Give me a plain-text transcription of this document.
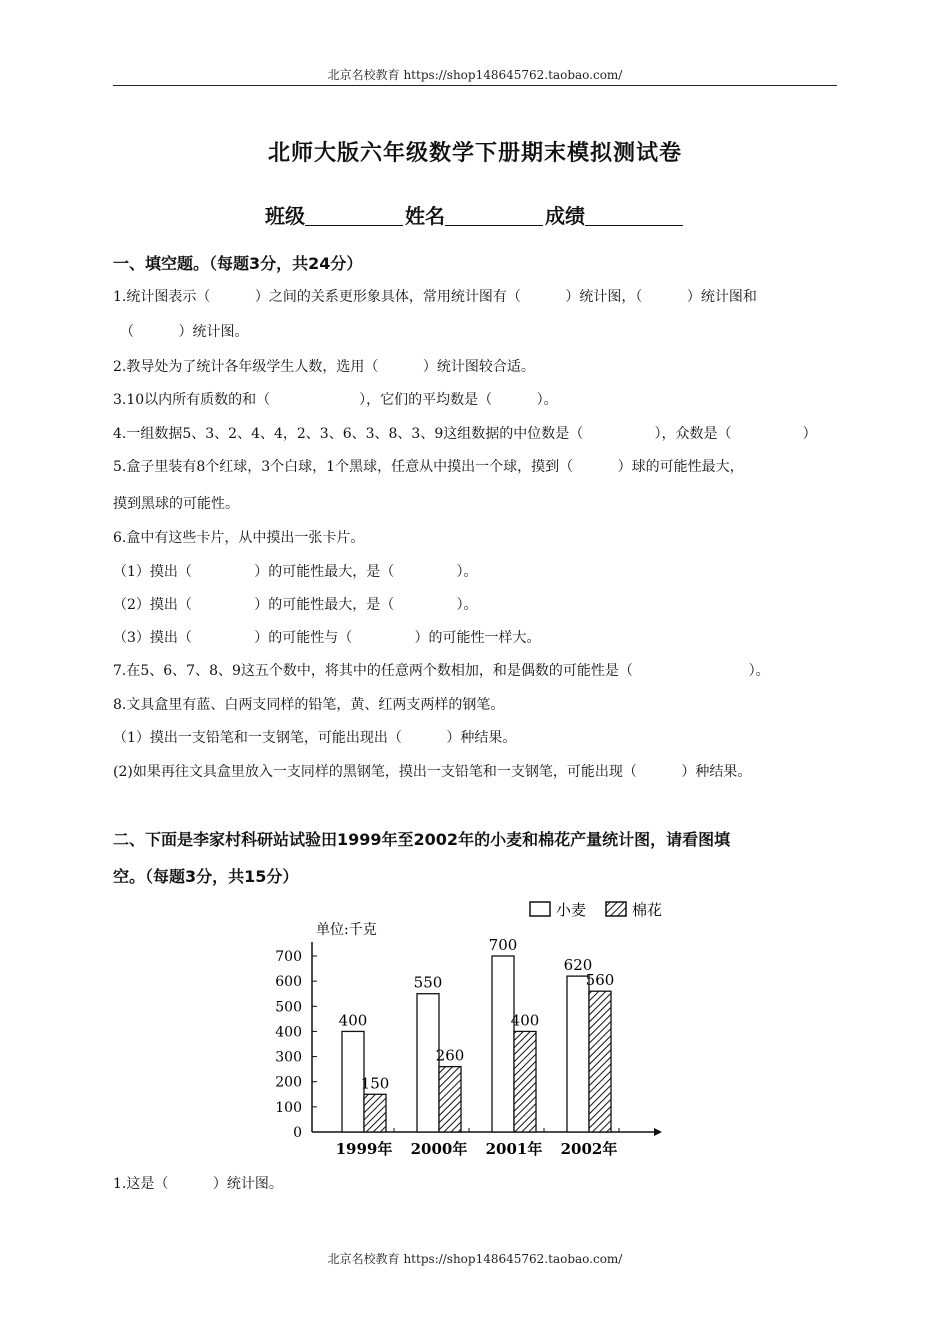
北京名校教育 https://shop148645762.taobao.com/
北师大版六年级数学下册期末模拟测试卷
班级	姓名	成绩
一、填空题。（每题3分，共24分）
1.统计图表示（          ）之间的关系更形象具体，常用统计图有（          ）统计图，（          ）统计图和
（          ）统计图。
2.教导处为了统计各年级学生人数，选用（          ）统计图较合适。
3.10以内所有质数的和（                    ），它们的平均数是（          ）。
4.一组数据5、3、2、4、4，2、3、6、3、8、3、9这组数据的中位数是（                ），众数是（                ）
5.盒子里装有8个红球，3个白球，1个黑球，任意从中摸出一个球，摸到（          ）球的可能性最大，
摸到黑球的可能性。
6.盒中有这些卡片，从中摸出一张卡片。
（1）摸出（              ）的可能性最大，是（              ）。
（2）摸出（              ）的可能性最大，是（              ）。
（3）摸出（              ）的可能性与（              ）的可能性一样大。
7.在5、6、7、8、9这五个数中，将其中的任意两个数相加，和是偶数的可能性是（                          ）。
8.文具盒里有蓝、白两支同样的铅笔，黄、红两支两样的钢笔。
（1）摸出一支铅笔和一支钢笔，可能出现出（          ）种结果。
(2)如果再往文具盒里放入一支同样的黑钢笔，摸出一支铅笔和一支钢笔，可能出现（          ）种结果。
二、下面是李家村科研站试验田1999年至2002年的小麦和棉花产量统计图，请看图填
空。（每题3分，共15分）
小麦	棉花
单位:千克
700
600
500
400
300
200
100
0
400
150
1999年
550
260
2000年
700
400
2001年
620
560
2002年
1.这是（          ）统计图。
北京名校教育 https://shop148645762.taobao.com/
